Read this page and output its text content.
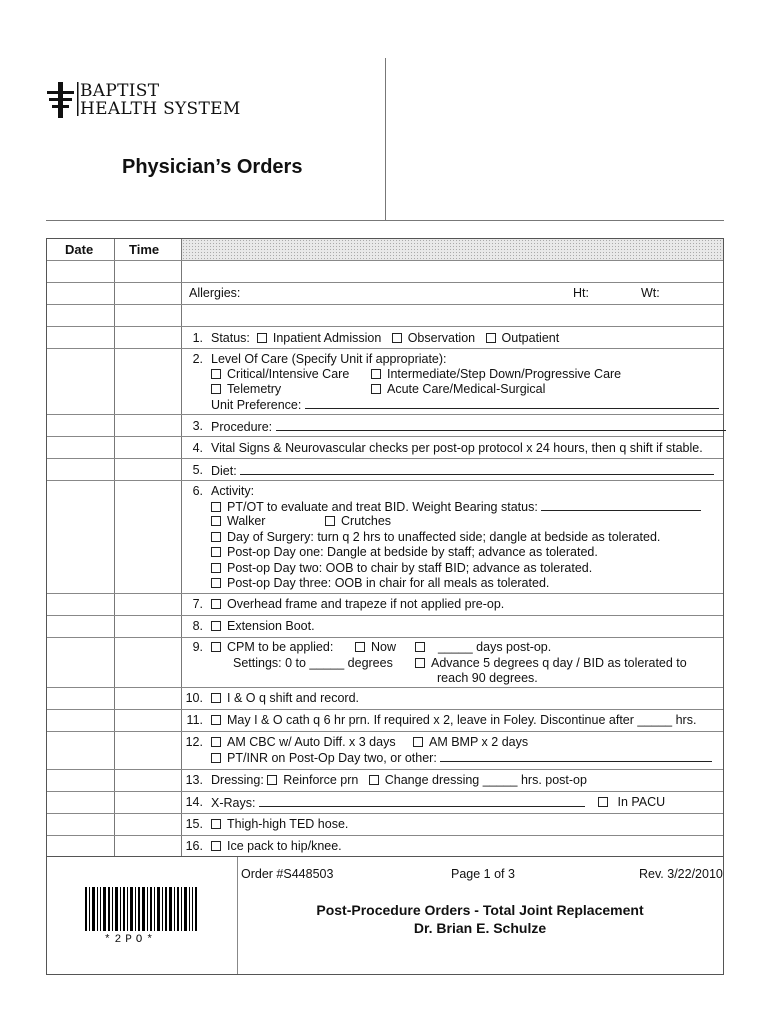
BAPTIST
HEALTH SYSTEM
Physician’s Orders
Date	Time
Allergies:	Ht:	Wt:
1. Status: Inpatient Admission Observation Outpatient
2. Level Of Care (Specify Unit if appropriate):
Critical/Intensive Care	Intermediate/Step Down/Progressive Care
Telemetry	Acute Care/Medical-Surgical
Unit Preference:
3. Procedure:
4. Vital Signs & Neurovascular checks per post-op protocol x 24 hours, then q shift if stable.
5. Diet:
6. Activity:
PT/OT to evaluate and treat BID. Weight Bearing status:
Walker	Crutches
Day of Surgery: turn q 2 hrs to unaffected side; dangle at bedside as tolerated.
Post-op Day one: Dangle at bedside by staff; advance as tolerated.
Post-op Day two: OOB to chair by staff BID; advance as tolerated.
Post-op Day three: OOB in chair for all meals as tolerated.
7.	Overhead frame and trapeze if not applied pre-op.
8.	Extension Boot.
9.	CPM to be applied:	Now	_____ days post-op.
Settings: 0 to _____ degrees	Advance 5 degrees q day / BID as tolerated to
reach 90 degrees.
10.	I & O q shift and record.
11.	May I & O cath q 6 hr prn. If required x 2, leave in Foley. Discontinue after _____ hrs.
12.	AM CBC w/ Auto Diff. x 3 days	AM BMP x 2 days
PT/INR on Post-Op Day two, or other:
13. Dressing: Reinforce prn Change dressing _____ hrs. post-op
14. X-Rays:	In PACU
15.	Thigh-high TED hose.
16.	Ice pack to hip/knee.
Order #S448503	Page 1 of 3	Rev. 3/22/2010
*2PO*
Post-Procedure Orders - Total Joint Replacement
Dr. Brian E. Schulze
